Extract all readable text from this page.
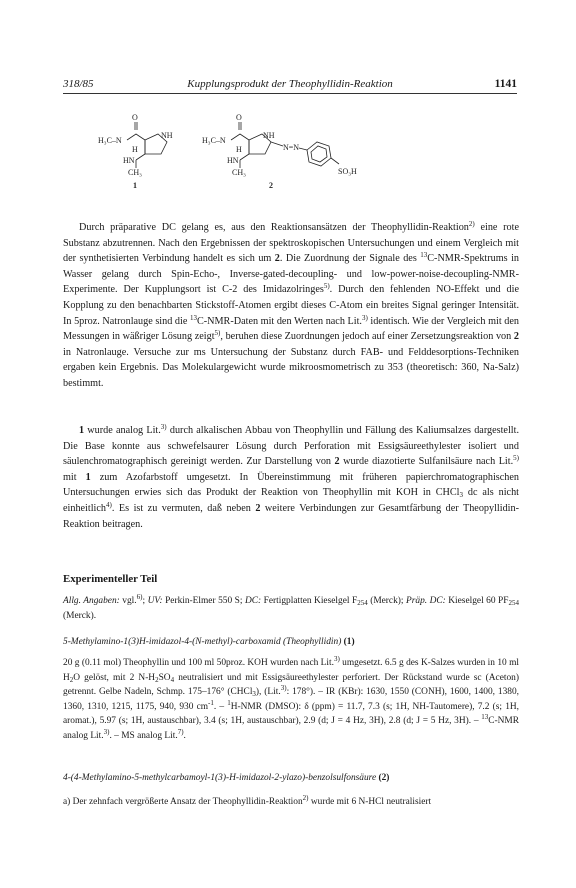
318/85	Kupplungsprodukt der Theophyllidin-Reaktion	1141
O
H₃C–N
NH
H
HN
CH₃
1
O
H₃C–N
NH
H
HN
CH₃
N=N
SO₃H
2
Durch präparative DC gelang es, aus den Reaktionsansätzen der Theophyllidin-Reaktion$^{2)}$ eine rote Substanz abzutrennen. Nach den Ergebnissen der spektroskopischen Untersuchungen und einem Vergleich mit der synthetisierten Verbindung handelt es sich um 2. Die Zuordnung der Signale des $^{13}$C-NMR-Spektrums in Wasser gelang durch Spin-Echo-, Inverse-gated-decoupling- und low-power-noise-decoupling-NMR-Experimente. Der Kupplungsort ist C-2 des Imidazolringes$^{5)}$. Durch den fehlenden NO-Effekt und die Kopplung zu den benachbarten Stickstoff-Atomen ergibt dieses C-Atom ein breites Signal geringer Intensität. In 5proz. Natronlauge sind die $^{13}$C-NMR-Daten mit den Werten nach Lit.$^{3)}$ identisch. Wie der Vergleich mit den Messungen in wäßriger Lösung zeigt$^{5)}$, beruhen diese Zuordnungen jedoch auf einer Zersetzungsreaktion von 2 in Natronlauge. Versuche zur ms Untersuchung der Substanz durch FAB- und Felddesorptions-Techniken ergaben kein Ergebnis. Das Molekulargewicht wurde mikroosmometrisch zu 353 (theoretisch: 360, Na-Salz) bestimmt.
1 wurde analog Lit.$^{3)}$ durch alkalischen Abbau von Theophyllin und Fällung des Kaliumsalzes dargestellt. Die Base konnte aus schwefelsaurer Lösung durch Perforation mit Essigsäureethylester isoliert und säulenchromatographisch gereinigt werden. Zur Darstellung von 2 wurde diazotierte Sulfanilsäure nach Lit.$^{5)}$ mit 1 zum Azofarbstoff umgesetzt. In Übereinstimmung mit früheren papierchromatographischen Untersuchungen erwies sich das Produkt der Reaktion von Theophyllin mit KOH in CHCl$_3$ dc als nicht einheitlich$^{4)}$. Es ist zu vermuten, daß neben 2 weitere Verbindungen zur Gesamtfärbung der Theopyllidin-Reaktion beitragen.
Experimenteller Teil
Allg. Angaben: vgl.$^{6)}$; UV: Perkin-Elmer 550 S; DC: Fertigplatten Kieselgel $F_{254}$ (Merck); Präp. DC: Kieselgel 60 $PF_{254}$ (Merck).
5-Methylamino-1(3)H-imidazol-4-(N-methyl)-carboxamid (Theophyllidin) (1)
20 g (0.11 mol) Theophyllin und 100 ml 50proz. KOH wurden nach Lit.$^{3)}$ umgesetzt. 6.5 g des K-Salzes wurden in 10 ml $H_2O$ gelöst, mit 2 $N-H_2SO_4$ neutralisiert und mit Essigsäureethylester perforiert. Der Rückstand wurde sc (Aceton) getrennt. Gelbe Nadeln, Schmp. 175–176° (CHCl$_3$), (Lit.$^{3)}$: 178°). – IR (KBr): 1630, 1550 (CONH), 1600, 1400, 1380, 1360, 1310, 1215, 1175, 940, 930 $cm^{-1}$. – $^1$H-NMR (DMSO): δ (ppm) = 11.7, 7.3 (s; 1H, NH-Tautomere), 7.2 (s; 1H, aromat.), 5.97 (s; 1H, austauschbar), 3.4 (s; 1H, austauschbar), 2.9 (d; J = 4 Hz, 3H), 2.8 (d; J = 5 Hz, 3H). – $^{13}$C-NMR analog Lit.$^{3)}$. – MS analog Lit.$^{7)}$.
4-(4-Methylamino-5-methylcarbamoyl-1(3)-H-imidazol-2-ylazo)-benzolsulfonsäure (2)
a) Der zehnfach vergrößerte Ansatz der Theophyllidin-Reaktion$^{2)}$ wurde mit 6 N-HCl neutralisiert
